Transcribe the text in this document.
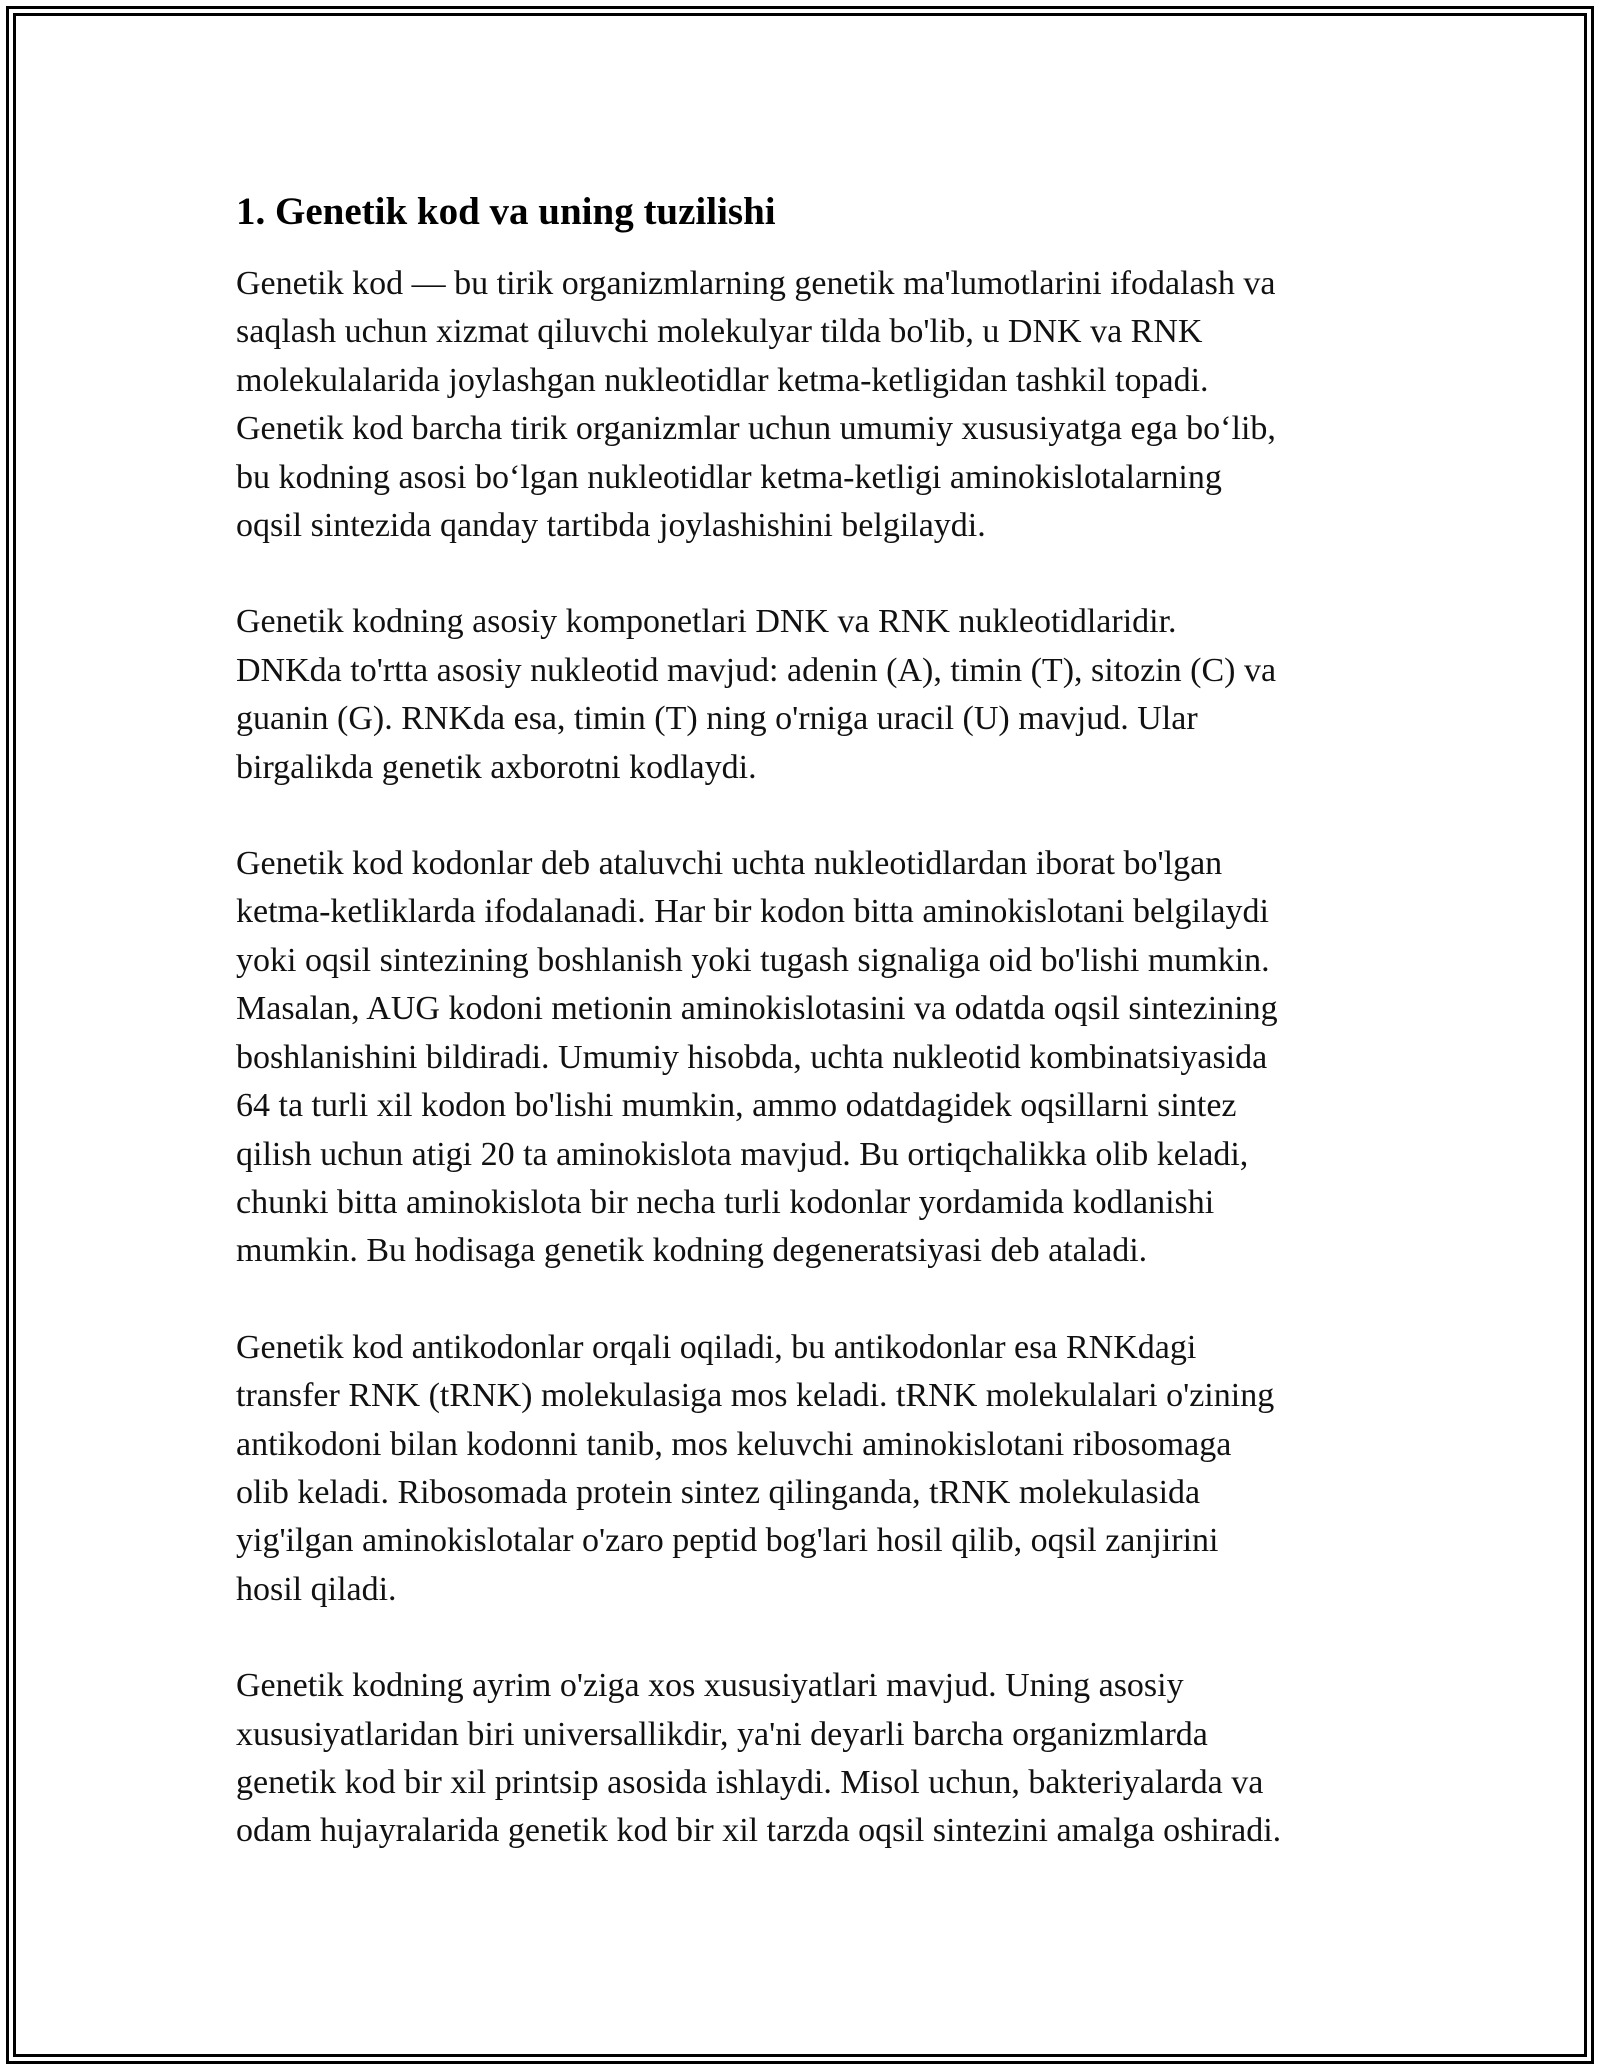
1. Genetik kod va uning tuzilishi

Genetik kod — bu tirik organizmlarning genetik ma'lumotlarini ifodalash va
saqlash uchun xizmat qiluvchi molekulyar tilda bo'lib, u DNK va RNK
molekulalarida joylashgan nukleotidlar ketma-ketligidan tashkil topadi.
Genetik kod barcha tirik organizmlar uchun umumiy xususiyatga ega bo‘lib,
bu kodning asosi bo‘lgan nukleotidlar ketma-ketligi aminokislotalarning
oqsil sintezida qanday tartibda joylashishini belgilaydi.

Genetik kodning asosiy komponetlari DNK va RNK nukleotidlaridir.
DNKda to'rtta asosiy nukleotid mavjud: adenin (A), timin (T), sitozin (C) va
guanin (G). RNKda esa, timin (T) ning o'rniga uracil (U) mavjud. Ular
birgalikda genetik axborotni kodlaydi.

Genetik kod kodonlar deb ataluvchi uchta nukleotidlardan iborat bo'lgan
ketma-ketliklarda ifodalanadi. Har bir kodon bitta aminokislotani belgilaydi
yoki oqsil sintezining boshlanish yoki tugash signaliga oid bo'lishi mumkin.
Masalan, AUG kodoni metionin aminokislotasini va odatda oqsil sintezining
boshlanishini bildiradi. Umumiy hisobda, uchta nukleotid kombinatsiyasida
64 ta turli xil kodon bo'lishi mumkin, ammo odatdagidek oqsillarni sintez
qilish uchun atigi 20 ta aminokislota mavjud. Bu ortiqchalikka olib keladi,
chunki bitta aminokislota bir necha turli kodonlar yordamida kodlanishi
mumkin. Bu hodisaga genetik kodning degeneratsiyasi deb ataladi.

Genetik kod antikodonlar orqali oqiladi, bu antikodonlar esa RNKdagi
transfer RNK (tRNK) molekulasiga mos keladi. tRNK molekulalari o'zining
antikodoni bilan kodonni tanib, mos keluvchi aminokislotani ribosomaga
olib keladi. Ribosomada protein sintez qilinganda, tRNK molekulasida
yig'ilgan aminokislotalar o'zaro peptid bog'lari hosil qilib, oqsil zanjirini
hosil qiladi.

Genetik kodning ayrim o'ziga xos xususiyatlari mavjud. Uning asosiy
xususiyatlaridan biri universallikdir, ya'ni deyarli barcha organizmlarda
genetik kod bir xil printsip asosida ishlaydi. Misol uchun, bakteriyalarda va
odam hujayralarida genetik kod bir xil tarzda oqsil sintezini amalga oshiradi.
